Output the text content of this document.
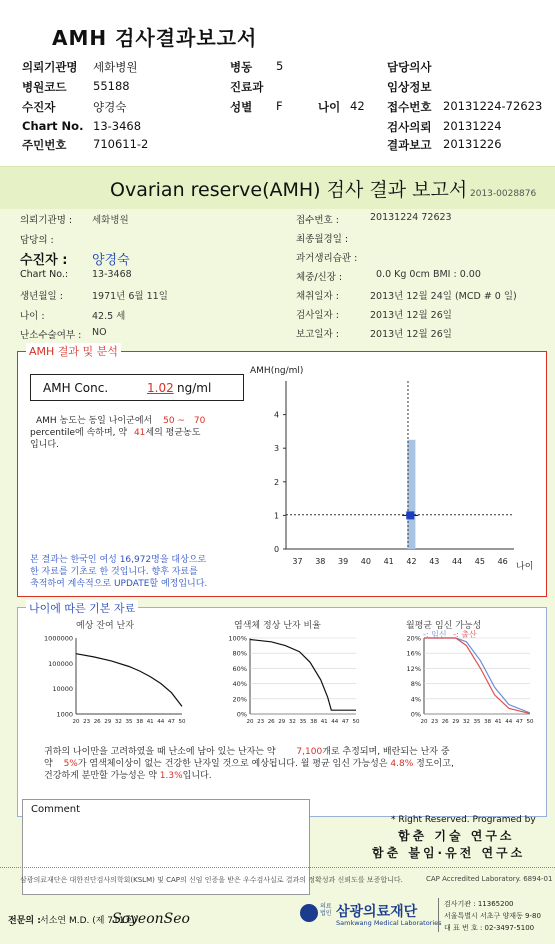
AMH 검사결과보고서
의뢰기관명 세화병원	병동 5	담당의사
병원코드 55188	진료과	임상정보
수진자	양경숙	성별 F	나이 42 접수번호 20131224-72623
Chart No. 13-3468	검사의뢰 20131224
주민번호 710611-2	결과보고 20131226
Ovarian reserve(AMH) 검사 결과 보고서 2013-0028876
의뢰기관명 : 세화병원
담당의 :
수진자 : 양경숙
Chart No.:	13-3468
생년월일 :	1971년 6월 11일
나이 :	42.5 세
난소수술여부 : NO
접수번호 :	20131224 72623
최종월경일 :
과거생리습관 :
체중/신장 :	0.0 Kg 0cm BMI : 0.00
채취일자 :	2013년 12월 24일 (MCD # 0 일)
검사일자 :	2013년 12월 26일
보고일자 :	2013년 12월 26일
AMH 결과 및 분석
AMH Conc.	1.02 ng/ml
AMH 농도는 동일 나이군에서 50 ~ 70
percentile에 속하며, 약 41세의 평균농도
입니다.
본 결과는 한국인 여성 16,972명을 대상으로
한 자료를 기초로 한 것입니다. 향후 자료를
축적하여 계속적으로 UPDATE할 예정입니다.
AMH(ng/ml)
0
1
2
3
4
37 38 39 40 41 42 43 44 45 46
나이
나이에 따른 기본 자료
예상 잔여 난자	염색체 정상 난자 비율	월평균 임신 가능성
-: 임신 -: 출산
1000000
100000
10000
1000
20 23 26 29 32 35 38 41 44 47 50
100%
80%
60%
40%
20%
0%
20 23 26 29 32 35 38 41 44 47 50
20%
16%
12%
8%
4%
0%
20 23 26 29 32 35 38 41 44 47 50
귀하의 나이만을 고려하였을 때 난소에 남아 있는 난자는 약 7,100개로 추정되며, 배란되는 난자 중
약 5%가 염색체이상이 없는 건강한 난자일 것으로 예상됩니다. 월 평균 임신 가능성은 4.8% 정도이고,
건강하게 분만할 가능성은 약 1.3%입니다.
Comment
* Right Reserved. Programed by
함춘 기술 연구소
함춘 불임·유전 연구소
삼광의료재단은 대한진단검사의학회(KSLM) 및 CAP의 신임 인증을 받은 우수검사실로 결과의 정확성과 신뢰도를 보증합니다.	CAP Accredited Laboratory. 6894-01
전문의 : 서소연 M.D. (제 711호)
SoyeonSeo
의료법인 삼광의료재단
Samkwang Medical Laboratories
검사기관 : 11365200
서울특별시 서초구 양재동 9-80
대 표 번 호 : 02-3497-5100
